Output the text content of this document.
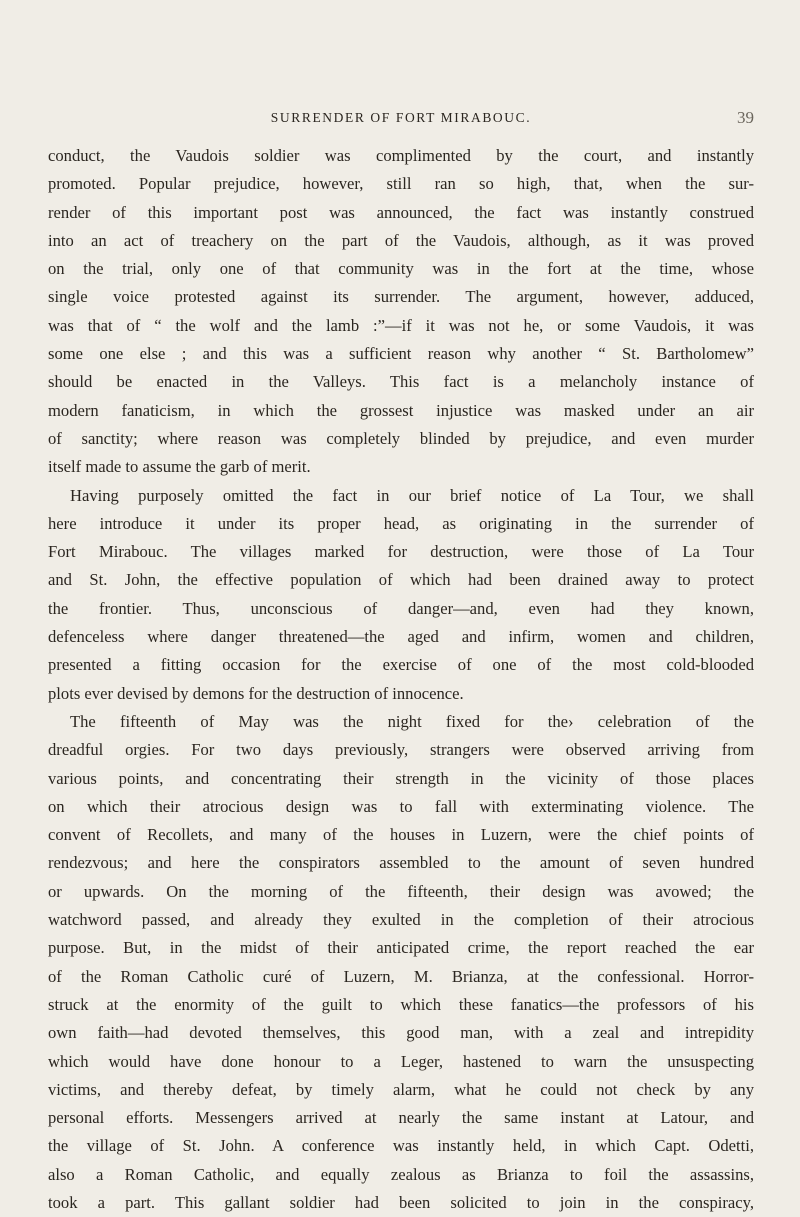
SURRENDER OF FORT MIRABOUC.	39
conduct, the Vaudois soldier was complimented by the court, and instantly
promoted. Popular prejudice, however, still ran so high, that, when the sur-
render of this important post was announced, the fact was instantly construed
into an act of treachery on the part of the Vaudois, although, as it was proved
on the trial, only one of that community was in the fort at the time, whose
single voice protested against its surrender. The argument, however, adduced,
was that of “ the wolf and the lamb :”—if it was not he, or some Vaudois, it was
some one else ; and this was a sufficient reason why another “ St. Bartholomew”
should be enacted in the Valleys. This fact is a melancholy instance of
modern fanaticism, in which the grossest injustice was masked under an air
of sanctity; where reason was completely blinded by prejudice, and even murder
itself made to assume the garb of merit.
Having purposely omitted the fact in our brief notice of La Tour, we shall
here introduce it under its proper head, as originating in the surrender of
Fort Mirabouc. The villages marked for destruction, were those of La Tour
and St. John, the effective population of which had been drained away to protect
the frontier. Thus, unconscious of danger—and, even had they known,
defenceless where danger threatened—the aged and infirm, women and children,
presented a fitting occasion for the exercise of one of the most cold-blooded
plots ever devised by demons for the destruction of innocence.
The fifteenth of May was the night fixed for the› celebration of the
dreadful orgies. For two days previously, strangers were observed arriving from
various points, and concentrating their strength in the vicinity of those places
on which their atrocious design was to fall with exterminating violence. The
convent of Recollets, and many of the houses in Luzern, were the chief points of
rendezvous; and here the conspirators assembled to the amount of seven hundred
or upwards. On the morning of the fifteenth, their design was avowed; the
watchword passed, and already they exulted in the completion of their atrocious
purpose. But, in the midst of their anticipated crime, the report reached the ear
of the Roman Catholic curé of Luzern, M. Brianza, at the confessional. Horror-
struck at the enormity of the guilt to which these fanatics—the professors of his
own faith—had devoted themselves, this good man, with a zeal and intrepidity
which would have done honour to a Leger, hastened to warn the unsuspecting
victims, and thereby defeat, by timely alarm, what he could not check by any
personal efforts. Messengers arrived at nearly the same instant at Latour, and
the village of St. John. A conference was instantly held, in which Capt. Odetti,
also a Roman Catholic, and equally zealous as Brianza to foil the assassins,
took a part. This gallant soldier had been solicited to join in the conspiracy,
